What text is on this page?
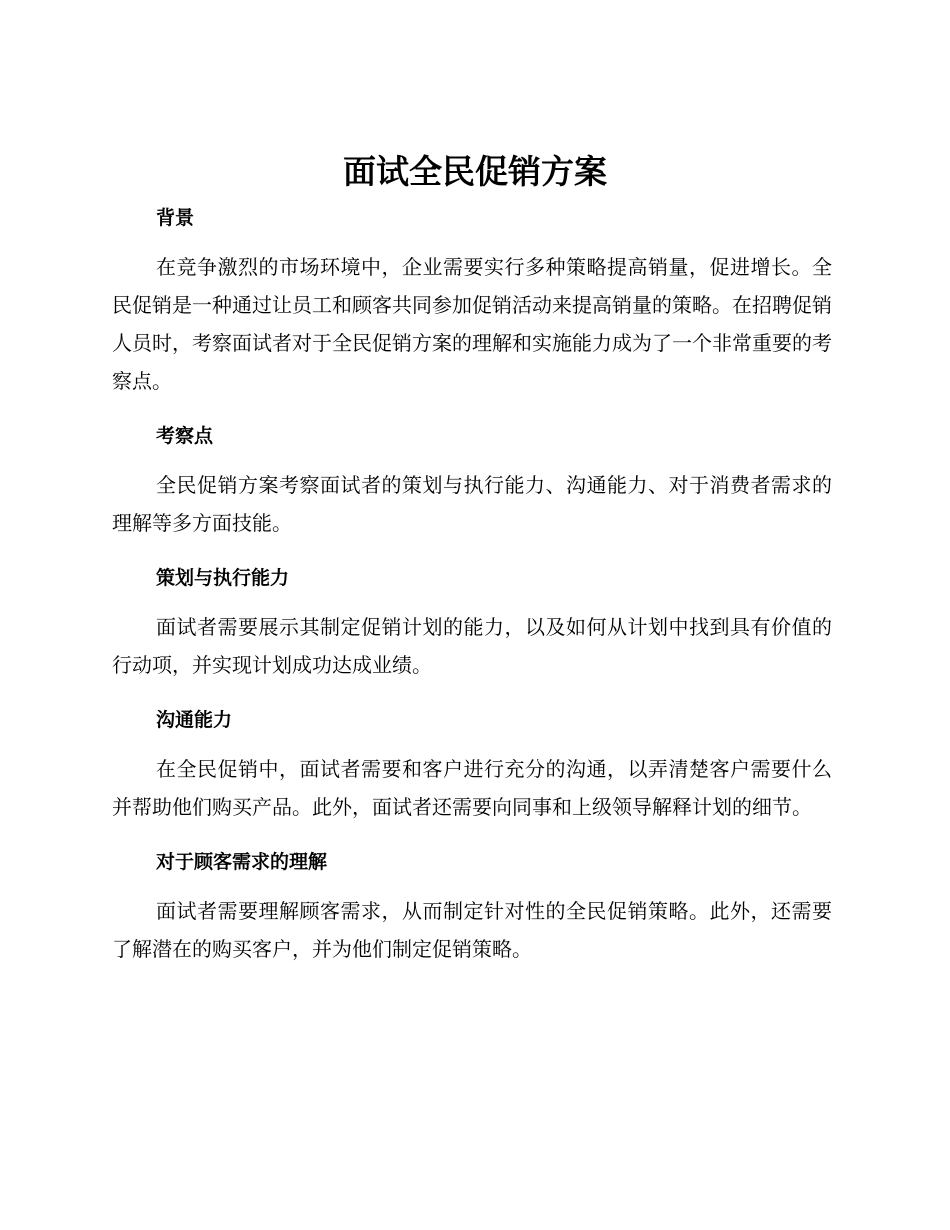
面试全民促销方案
背景

在竞争激烈的市场环境中，企业需要实行多种策略提高销量，促进增长。全民促销是一种通过让员工和顾客共同参加促销活动来提高销量的策略。在招聘促销人员时，考察面试者对于全民促销方案的理解和实施能力成为了一个非常重要的考察点。

考察点

全民促销方案考察面试者的策划与执行能力、沟通能力、对于消费者需求的理解等多方面技能。

策划与执行能力

面试者需要展示其制定促销计划的能力，以及如何从计划中找到具有价值的行动项，并实现计划成功达成业绩。

沟通能力

在全民促销中，面试者需要和客户进行充分的沟通，以弄清楚客户需要什么并帮助他们购买产品。此外，面试者还需要向同事和上级领导解释计划的细节。

对于顾客需求的理解

面试者需要理解顾客需求，从而制定针对性的全民促销策略。此外，还需要了解潜在的购买客户，并为他们制定促销策略。
